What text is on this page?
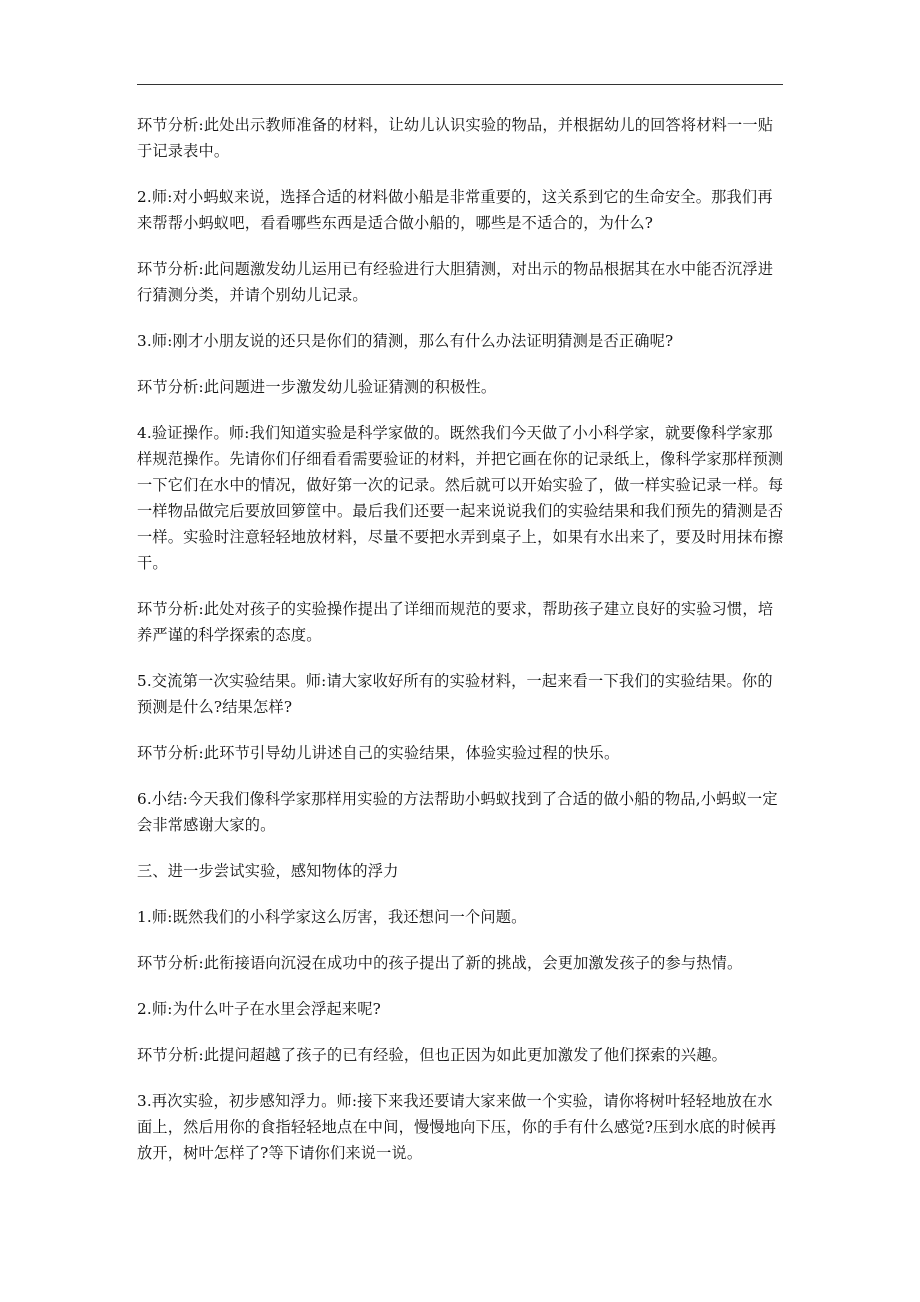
环节分析:此处出示教师准备的材料，让幼儿认识实验的物品，并根据幼儿的回答将材料一一贴于记录表中。

2.师:对小蚂蚁来说，选择合适的材料做小船是非常重要的，这关系到它的生命安全。那我们再来帮帮小蚂蚁吧，看看哪些东西是适合做小船的，哪些是不适合的，为什么?

环节分析:此问题激发幼儿运用已有经验进行大胆猜测，对出示的物品根据其在水中能否沉浮进行猜测分类，并请个别幼儿记录。

3.师:刚才小朋友说的还只是你们的猜测，那么有什么办法证明猜测是否正确呢?

环节分析:此问题进一步激发幼儿验证猜测的积极性。

4.验证操作。师:我们知道实验是科学家做的。既然我们今天做了小小科学家，就要像科学家那样规范操作。先请你们仔细看看需要验证的材料，并把它画在你的记录纸上，像科学家那样预测一下它们在水中的情况，做好第一次的记录。然后就可以开始实验了，做一样实验记录一样。每一样物品做完后要放回箩筐中。最后我们还要一起来说说我们的实验结果和我们预先的猜测是否一样。实验时注意轻轻地放材料，尽量不要把水弄到桌子上，如果有水出来了，要及时用抹布擦干。

环节分析:此处对孩子的实验操作提出了详细而规范的要求，帮助孩子建立良好的实验习惯，培养严谨的科学探索的态度。

5.交流第一次实验结果。师:请大家收好所有的实验材料，一起来看一下我们的实验结果。你的预测是什么?结果怎样?

环节分析:此环节引导幼儿讲述自己的实验结果，体验实验过程的快乐。

6.小结:今天我们像科学家那样用实验的方法帮助小蚂蚁找到了合适的做小船的物品,小蚂蚁一定会非常感谢大家的。

三、进一步尝试实验，感知物体的浮力

1.师:既然我们的小科学家这么厉害，我还想问一个问题。

环节分析:此衔接语向沉浸在成功中的孩子提出了新的挑战，会更加激发孩子的参与热情。

2.师:为什么叶子在水里会浮起来呢?

环节分析:此提问超越了孩子的已有经验，但也正因为如此更加激发了他们探索的兴趣。

3.再次实验，初步感知浮力。师:接下来我还要请大家来做一个实验，请你将树叶轻轻地放在水面上，然后用你的食指轻轻地点在中间，慢慢地向下压，你的手有什么感觉?压到水底的时候再放开，树叶怎样了?等下请你们来说一说。
